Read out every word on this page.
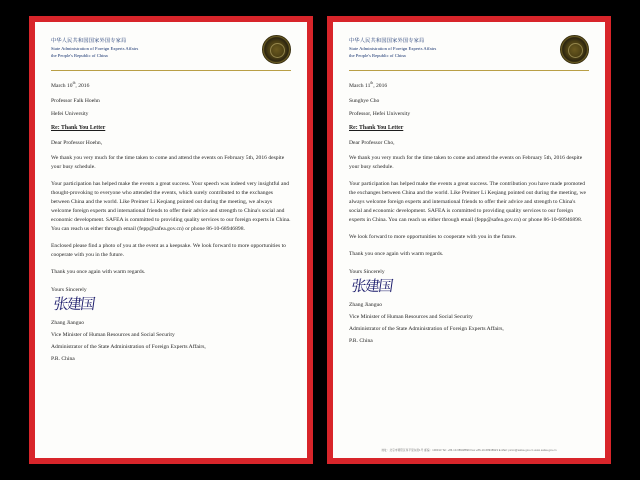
中华人民共和国国家外国专家局
State Administration of Foreign Experts Affairs
the People's Republic of China
March 10th, 2016
Professor Falk Hoehn
Hefei University
Re: Thank You Letter
Dear Professor Hoehn,

We thank you very much for the time taken to come and attend the events on February 5th, 2016 despite your busy schedule.

Your participation has helped make the events a great success. Your speech was indeed very insightful and thought-provoking to everyone who attended the events, which surely contributed to the exchanges between China and the world. Like Preimer Li Keqiang pointed out during the meeting, we always welcome foreign experts and international friends to offer their advice and strength to China's social and economic development. SAFEA is committed to providing quality services to our foreign experts in China. You can reach us either through email (fepp@safea.gov.cn) or phone 86-10-68946898.

Enclosed please find a photo of you at the event as a keepsake. We look forward to more opportunities to cooperate with you in the future.

Thank you once again with warm regards.

Yours Sincerely
张建国
Zhang Jianguo
Vice Minister of Human Resources and Social Security
Administrator of the State Administration of Foreign Experts Affairs,
P.R. China
中华人民共和国国家外国专家局
State Administration of Foreign Experts Affairs
the People's Republic of China
March 11th, 2016
Sunghye Cho
Professor, Hefei University
Re: Thank You Letter
Dear Professor Cho,

We thank you very much for the time taken to come and attend the events on February 5th, 2016 despite your busy schedule.

Your participation has helped make the events a great success. The contribution you have made promoted the exchanges between China and the world. Like Preimer Li Keqiang pointed out during the meeting, we always welcome foreign experts and international friends to offer their advice and strength to China's social and economic development. SAFEA is committed to providing quality services to our foreign experts in China. You can reach us either through email (fepp@safea.gov.cn) or phone 86-10-68946898.

We look forward to more opportunities to cooperate with you in the future.

Thank you once again with warm regards.

Yours Sincerely
张建国
Zhang Jianguo
Vice Minister of Human Resources and Social Security
Administrator of the State Administration of Foreign Experts Affairs,
P.R. China
地址：北京市朝阳区和平里东街1号 邮编：100013 Tel: +86-10-68948899 Fax:+86-10-68948923 E-Mail: piccn@safea.gov.cn www.safea.gov.cn
